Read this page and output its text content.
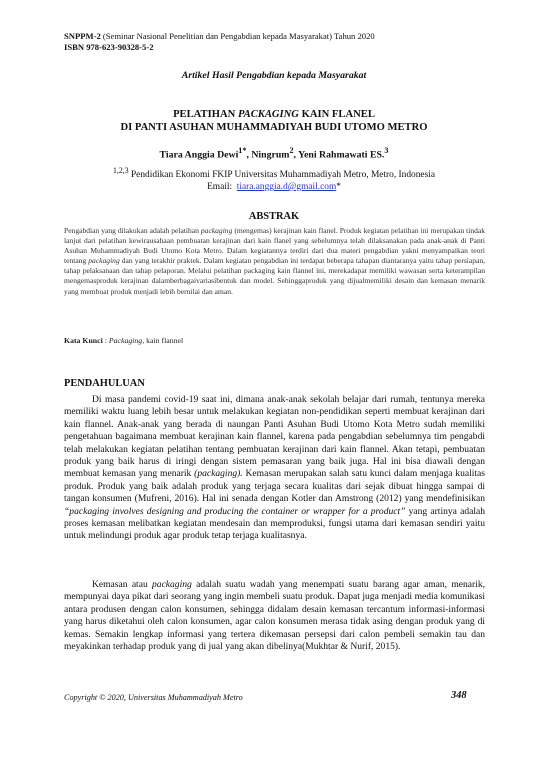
SNPPM-2 (Seminar Nasional Penelitian dan Pengabdian kepada Masyarakat) Tahun 2020
ISBN 978-623-90328-5-2
Artikel Hasil Pengabdian kepada Masyarakat
PELATIHAN PACKAGING KAIN FLANEL
DI PANTI ASUHAN MUHAMMADIYAH BUDI UTOMO METRO
Tiara Anggia Dewi$^{1*}$, Ningrum$^2$, Yeni Rahmawati ES.$^3$
$^{1,2,3}$ Pendidikan Ekonomi FKIP Universitas Muhammadiyah Metro, Metro, Indonesia
Email:  tiara.anggia.d@gmail.com*
ABSTRAK
Pengabdian yang dilakukan adalah pelatihan packaging (mengemas) kerajinan kain flanel. Produk kegiatan pelatihan ini merupakan tindak lanjut dari pelatihan kewirausahaan pembuatan kerajinan dari kain flanel yang sebelumnya telah dilaksanakan pada anak-anak di Panti Asuhan Muhammadiyah Budi Utomo Kota Metro. Dalam kegiatannya terdiri dari dua materi pengabdian yakni menyampaikan teori tentang packaging dan yang terakhir praktek. Dalam kegiatan pengabdian ini terdapat beberapa tahapan diantaranya yaitu tahap persiapan, tahap pelaksanaan dan tahap pelaporan. Melalui pelatihan packaging kain flannel ini, merekadapat memiliki wawasan serta keterampilan mengemasproduk kerajinan dalamberbagaivariasibentuk dan model. Sehinggaproduk yang dijualmemiliki desain dan kemasan menarik yang membuat produk menjadi lebih bernilai dan aman.
Kata Kunci : Packaging, kain flannel
PENDAHULUAN
Di masa pandemi covid-19 saat ini, dimana anak-anak sekolah belajar dari rumah, tentunya mereka memiliki waktu luang lebih besar untuk melakukan kegiatan non-pendidikan seperti membuat kerajinan dari kain flannel. Anak-anak yang berada di naungan Panti Asuhan Budi Utomo Kota Metro sudah memiliki pengetahuan bagaimana membuat kerajinan kain flannel, karena pada pengabdian sebelumnya tim pengabdi telah melakukan kegiatan pelatihan tentang pembuatan kerajinan dari kain flannel. Akan tetapi, pembuatan produk yang baik harus di iringi dengan sistem pemasaran yang baik juga. Hal ini bisa diawali dengan membuat kemasan yang menarik (packaging). Kemasan merupakan salah satu kunci dalam menjaga kualitas produk. Produk yang baik adalah produk yang terjaga secara kualitas dari sejak dibuat hingga sampai di tangan konsumen (Mufreni, 2016). Hal ini senada dengan Kotler dan Amstrong (2012) yang mendefinisikan “packaging involves designing and producing the container or wrapper for a product” yang artinya adalah proses kemasan melibatkan kegiatan mendesain dan memproduksi, fungsi utama dari kemasan sendiri yaitu untuk melindungi produk agar produk tetap terjaga kualitasnya.
Kemasan atau packaging adalah suatu wadah yang menempati suatu barang agar aman, menarik, mempunyai daya pikat dari seorang yang ingin membeli suatu produk. Dapat juga menjadi media komunikasi antara produsen dengan calon konsumen, sehingga didalam desain kemasan tercantum informasi-informasi yang harus diketahui oleh calon konsumen, agar calon konsumen merasa tidak asing dengan produk yang di kemas. Semakin lengkap informasi yang tertera dikemasan persepsi dari calon pembeli semakin tau dan meyakinkan terhadap produk yang di jual yang akan dibelinya(Mukhtar & Nurif, 2015).
Copyright © 2020, Universitas Muhammadiyah Metro	348
